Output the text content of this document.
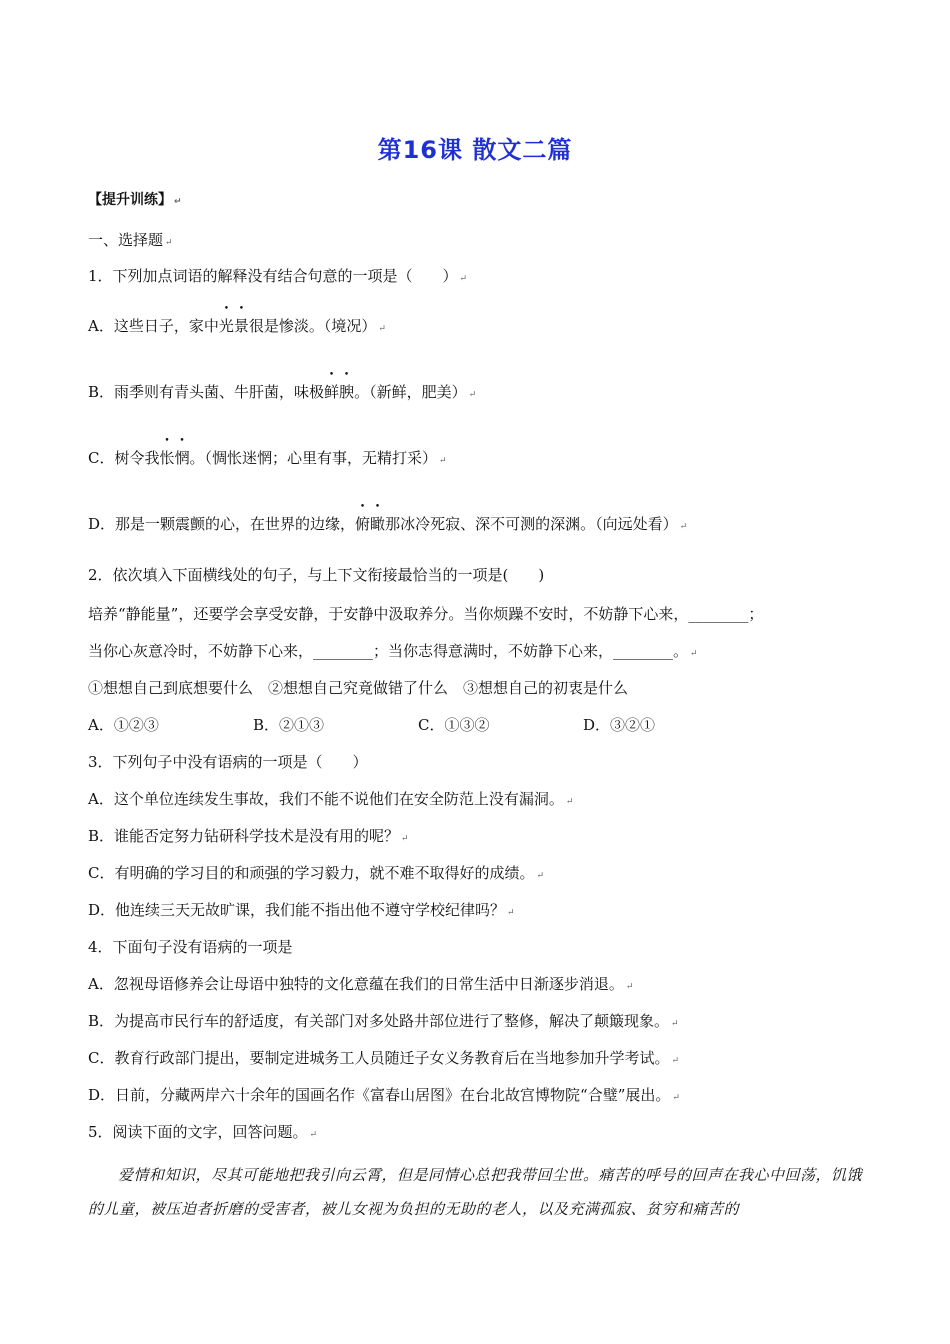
第16课 散文二篇
【提升训练】 ↵
一、选择题 ↵
1．下列加点词语的解释没有结合句意的一项是（　　） ↵
A．这些日子，家中光景很是惨淡。（境况） ↵
B．雨季则有青头菌、牛肝菌，味极鲜腴。（新鲜，肥美） ↵
C．树令我怅惘。（惆怅迷惘；心里有事，无精打采） ↵
D．那是一颗震颤的心，在世界的边缘，俯瞰那冰冷死寂、深不可测的深渊。（向远处看） ↵
2．依次填入下面横线处的句子，与上下文衔接最恰当的一项是(　　)
培养“静能量”，还要学会享受安静，于安静中汲取养分。当你烦躁不安时，不妨静下心来，________；
当你心灰意冷时，不妨静下心来，________；当你志得意满时，不妨静下心来，________。 ↵
①想想自己到底想要什么　②想想自己究竟做错了什么　③想想自己的初衷是什么
A．①②③	B．②①③	C．①③②	D．③②①
3．下列句子中没有语病的一项是（　　）
A．这个单位连续发生事故，我们不能不说他们在安全防范上没有漏洞。 ↵
B．谁能否定努力钻研科学技术是没有用的呢？ ↵
C．有明确的学习目的和顽强的学习毅力，就不难不取得好的成绩。 ↵
D．他连续三天无故旷课，我们能不指出他不遵守学校纪律吗？ ↵
4．下面句子没有语病的一项是
A．忽视母语修养会让母语中独特的文化意蕴在我们的日常生活中日渐逐步消退。 ↵
B．为提高市民行车的舒适度，有关部门对多处路井部位进行了整修，解决了颠簸现象。 ↵
C．教育行政部门提出，要制定进城务工人员随迁子女义务教育后在当地参加升学考试。 ↵
D．日前，分藏两岸六十余年的国画名作《富春山居图》在台北故宫博物院“合璧”展出。 ↵
5．阅读下面的文字，回答问题。 ↵
爱情和知识，尽其可能地把我引向云霄，但是同情心总把我带回尘世。痛苦的呼号的回声在我心中回荡，饥饿的儿童，被压迫者折磨的受害者，被儿女视为负担的无助的老人，以及充满孤寂、贫穷和痛苦的
